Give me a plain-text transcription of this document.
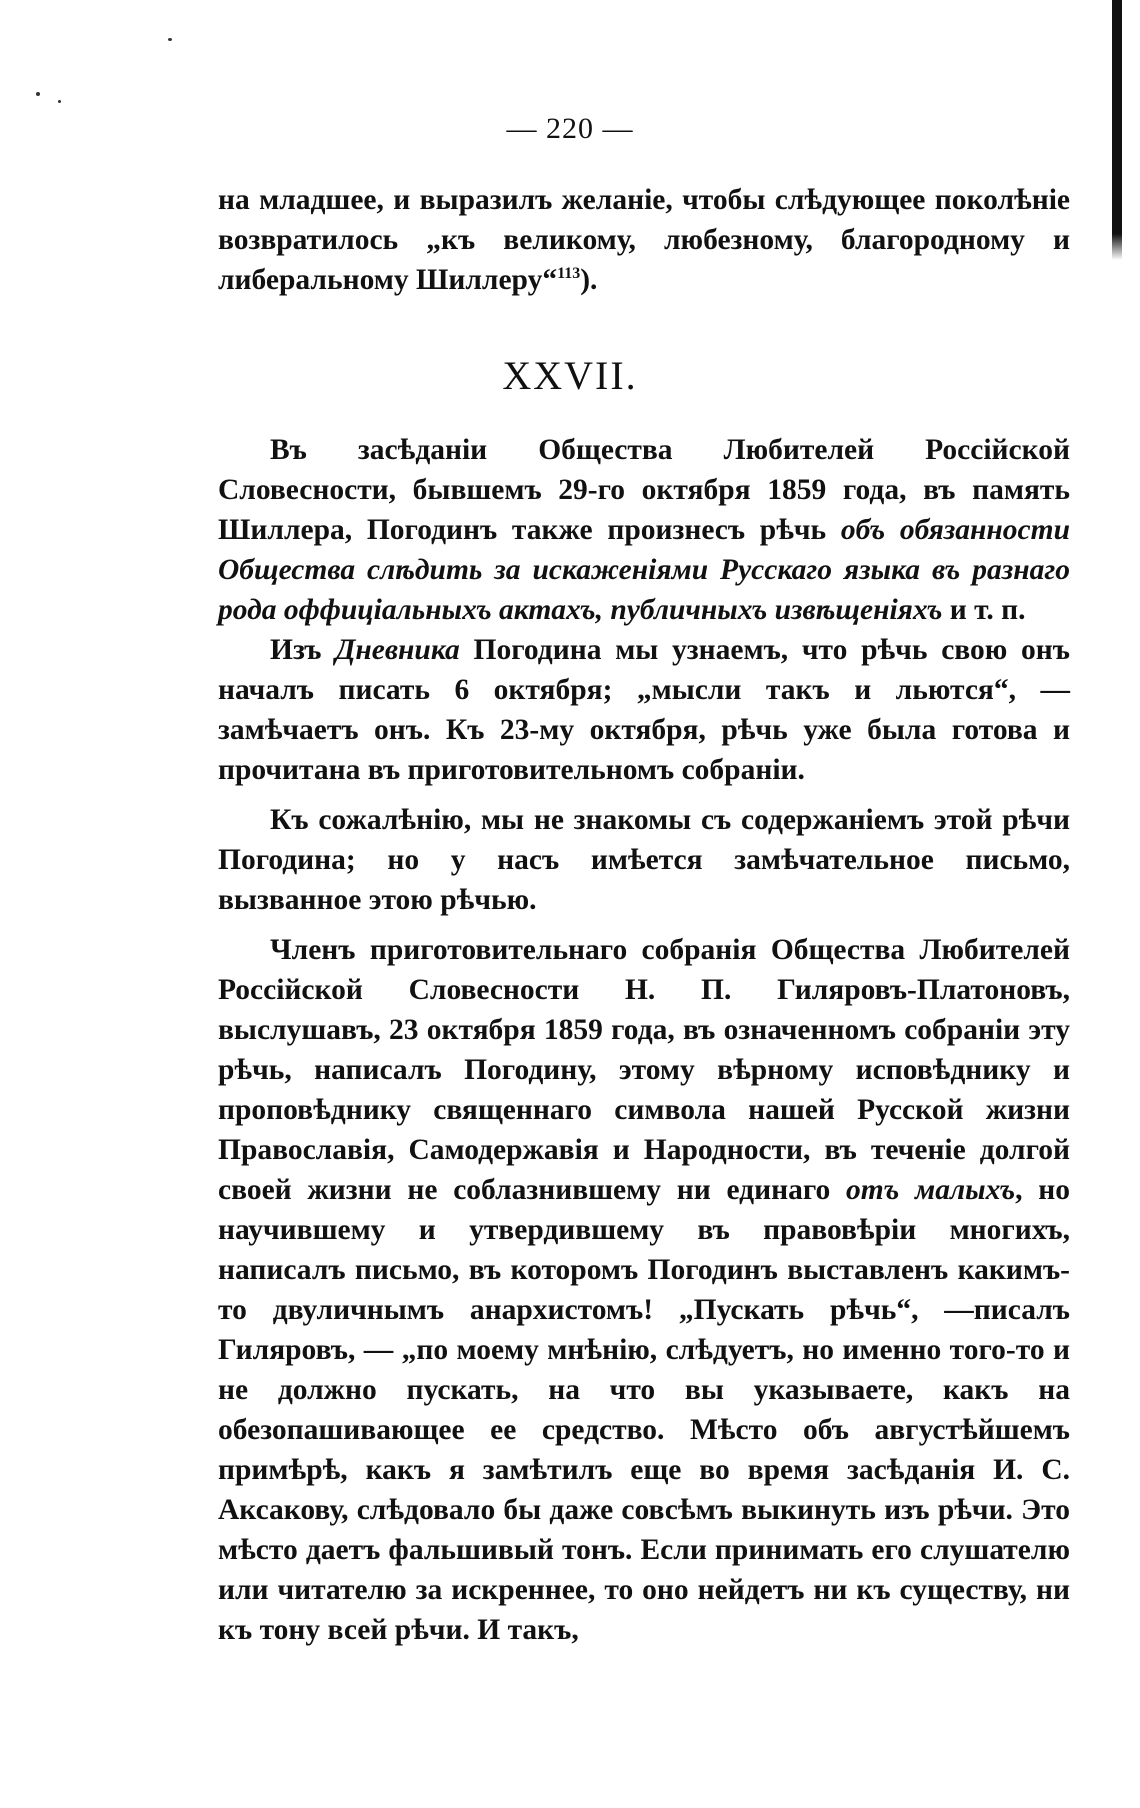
— 220 —

на младшее, и выразилъ желаніе, чтобы слѣдующее поколѣніе возвратилось „къ великому, любезному, благородному и либеральному Шиллеру“$^{113}$).

XXVII.

Въ засѣданіи Общества Любителей Россійской Словесности, бывшемъ 29-го октября 1859 года, въ память Шиллера, Погодинъ также произнесъ рѣчь объ обязанности Общества слѣдить за искаженіями Русскаго языка въ разнаго рода оффиціальныхъ актахъ, публичныхъ извѣщеніяхъ и т. п.

Изъ Дневника Погодина мы узнаемъ, что рѣчь свою онъ началъ писать 6 октября; „мысли такъ и льются“, —замѣчаетъ онъ. Къ 23-му октября, рѣчь уже была готова и прочитана въ приготовительномъ собраніи.

Къ сожалѣнію, мы не знакомы съ содержаніемъ этой рѣчи Погодина; но у насъ имѣется замѣчательное письмо, вызванное этою рѣчью.

Членъ приготовительнаго собранія Общества Любителей Россійской Словесности Н. П. Гиляровъ-Платоновъ, выслушавъ, 23 октября 1859 года, въ означенномъ собраніи эту рѣчь, написалъ Погодину, этому вѣрному исповѣднику и проповѣднику священнаго символа нашей Русской жизни Православія, Самодержавія и Народности, въ теченіе долгой своей жизни не соблазнившему ни единаго отъ малыхъ, но научившему и утвердившему въ правовѣріи многихъ, написалъ письмо, въ которомъ Погодинъ выставленъ какимъ-то двуличнымъ анархистомъ! „Пускать рѣчь“, —писалъ Гиляровъ, — „по моему мнѣнію, слѣдуетъ, но именно того-то и не должно пускать, на что вы указываете, какъ на обезопашивающее ее средство. Мѣсто объ августѣйшемъ примѣрѣ, какъ я замѣтилъ еще во время засѣданія И. С. Аксакову, слѣдовало бы даже совсѣмъ выкинуть изъ рѣчи. Это мѣсто даетъ фальшивый тонъ. Если принимать его слушателю или читателю за искреннее, то оно нейдетъ ни къ существу, ни къ тону всей рѣчи. И такъ,
